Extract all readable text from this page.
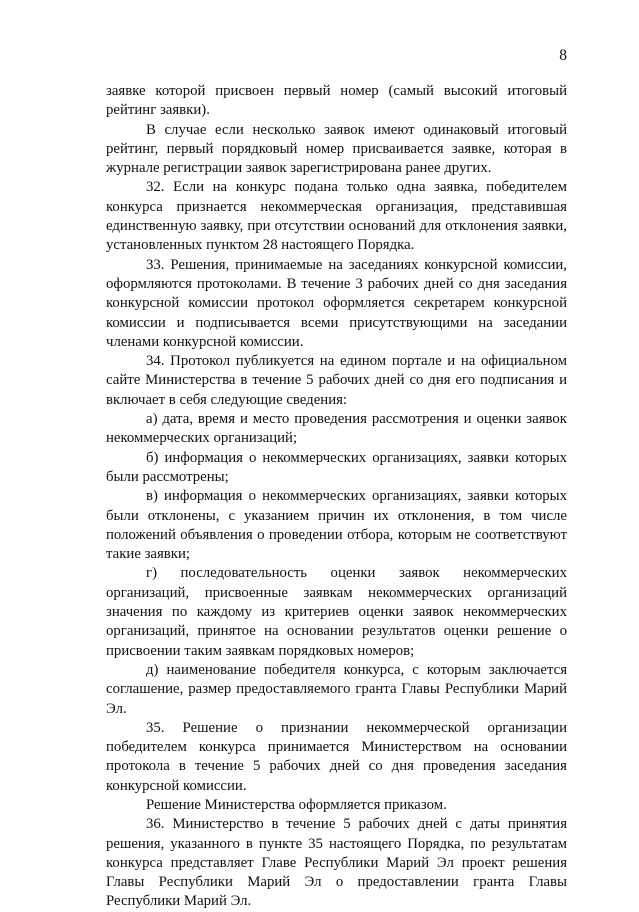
8

заявке которой присвоен первый номер (самый высокий итоговый рейтинг заявки).

В случае если несколько заявок имеют одинаковый итоговый рейтинг, первый порядковый номер присваивается заявке, которая в журнале регистрации заявок зарегистрирована ранее других.

32. Если на конкурс подана только одна заявка, победителем конкурса признается некоммерческая организация, представившая единственную заявку, при отсутствии оснований для отклонения заявки, установленных пунктом 28 настоящего Порядка.

33. Решения, принимаемые на заседаниях конкурсной комиссии, оформляются протоколами. В течение 3 рабочих дней со дня заседания конкурсной комиссии протокол оформляется секретарем конкурсной комиссии и подписывается всеми присутствующими на заседании членами конкурсной комиссии.

34. Протокол публикуется на едином портале и на официальном сайте Министерства в течение 5 рабочих дней со дня его подписания и включает в себя следующие сведения:

а) дата, время и место проведения рассмотрения и оценки заявок некоммерческих организаций;

б) информация о некоммерческих организациях, заявки которых были рассмотрены;

в) информация о некоммерческих организациях, заявки которых были отклонены, с указанием причин их отклонения, в том числе положений объявления о проведении отбора, которым не соответствуют такие заявки;

г) последовательность оценки заявок некоммерческих организаций, присвоенные заявкам некоммерческих организаций значения по каждому из критериев оценки заявок некоммерческих организаций, принятое на основании результатов оценки решение о присвоении таким заявкам порядковых номеров;

д) наименование победителя конкурса, с которым заключается соглашение, размер предоставляемого гранта Главы Республики Марий Эл.

35. Решение о признании некоммерческой организации победителем конкурса принимается Министерством на основании протокола в течение 5 рабочих дней со дня проведения заседания конкурсной комиссии.

Решение Министерства оформляется приказом.

36. Министерство в течение 5 рабочих дней с даты принятия решения, указанного в пункте 35 настоящего Порядка, по результатам конкурса представляет Главе Республики Марий Эл проект решения Главы Республики Марий Эл о предоставлении гранта Главы Республики Марий Эл.
